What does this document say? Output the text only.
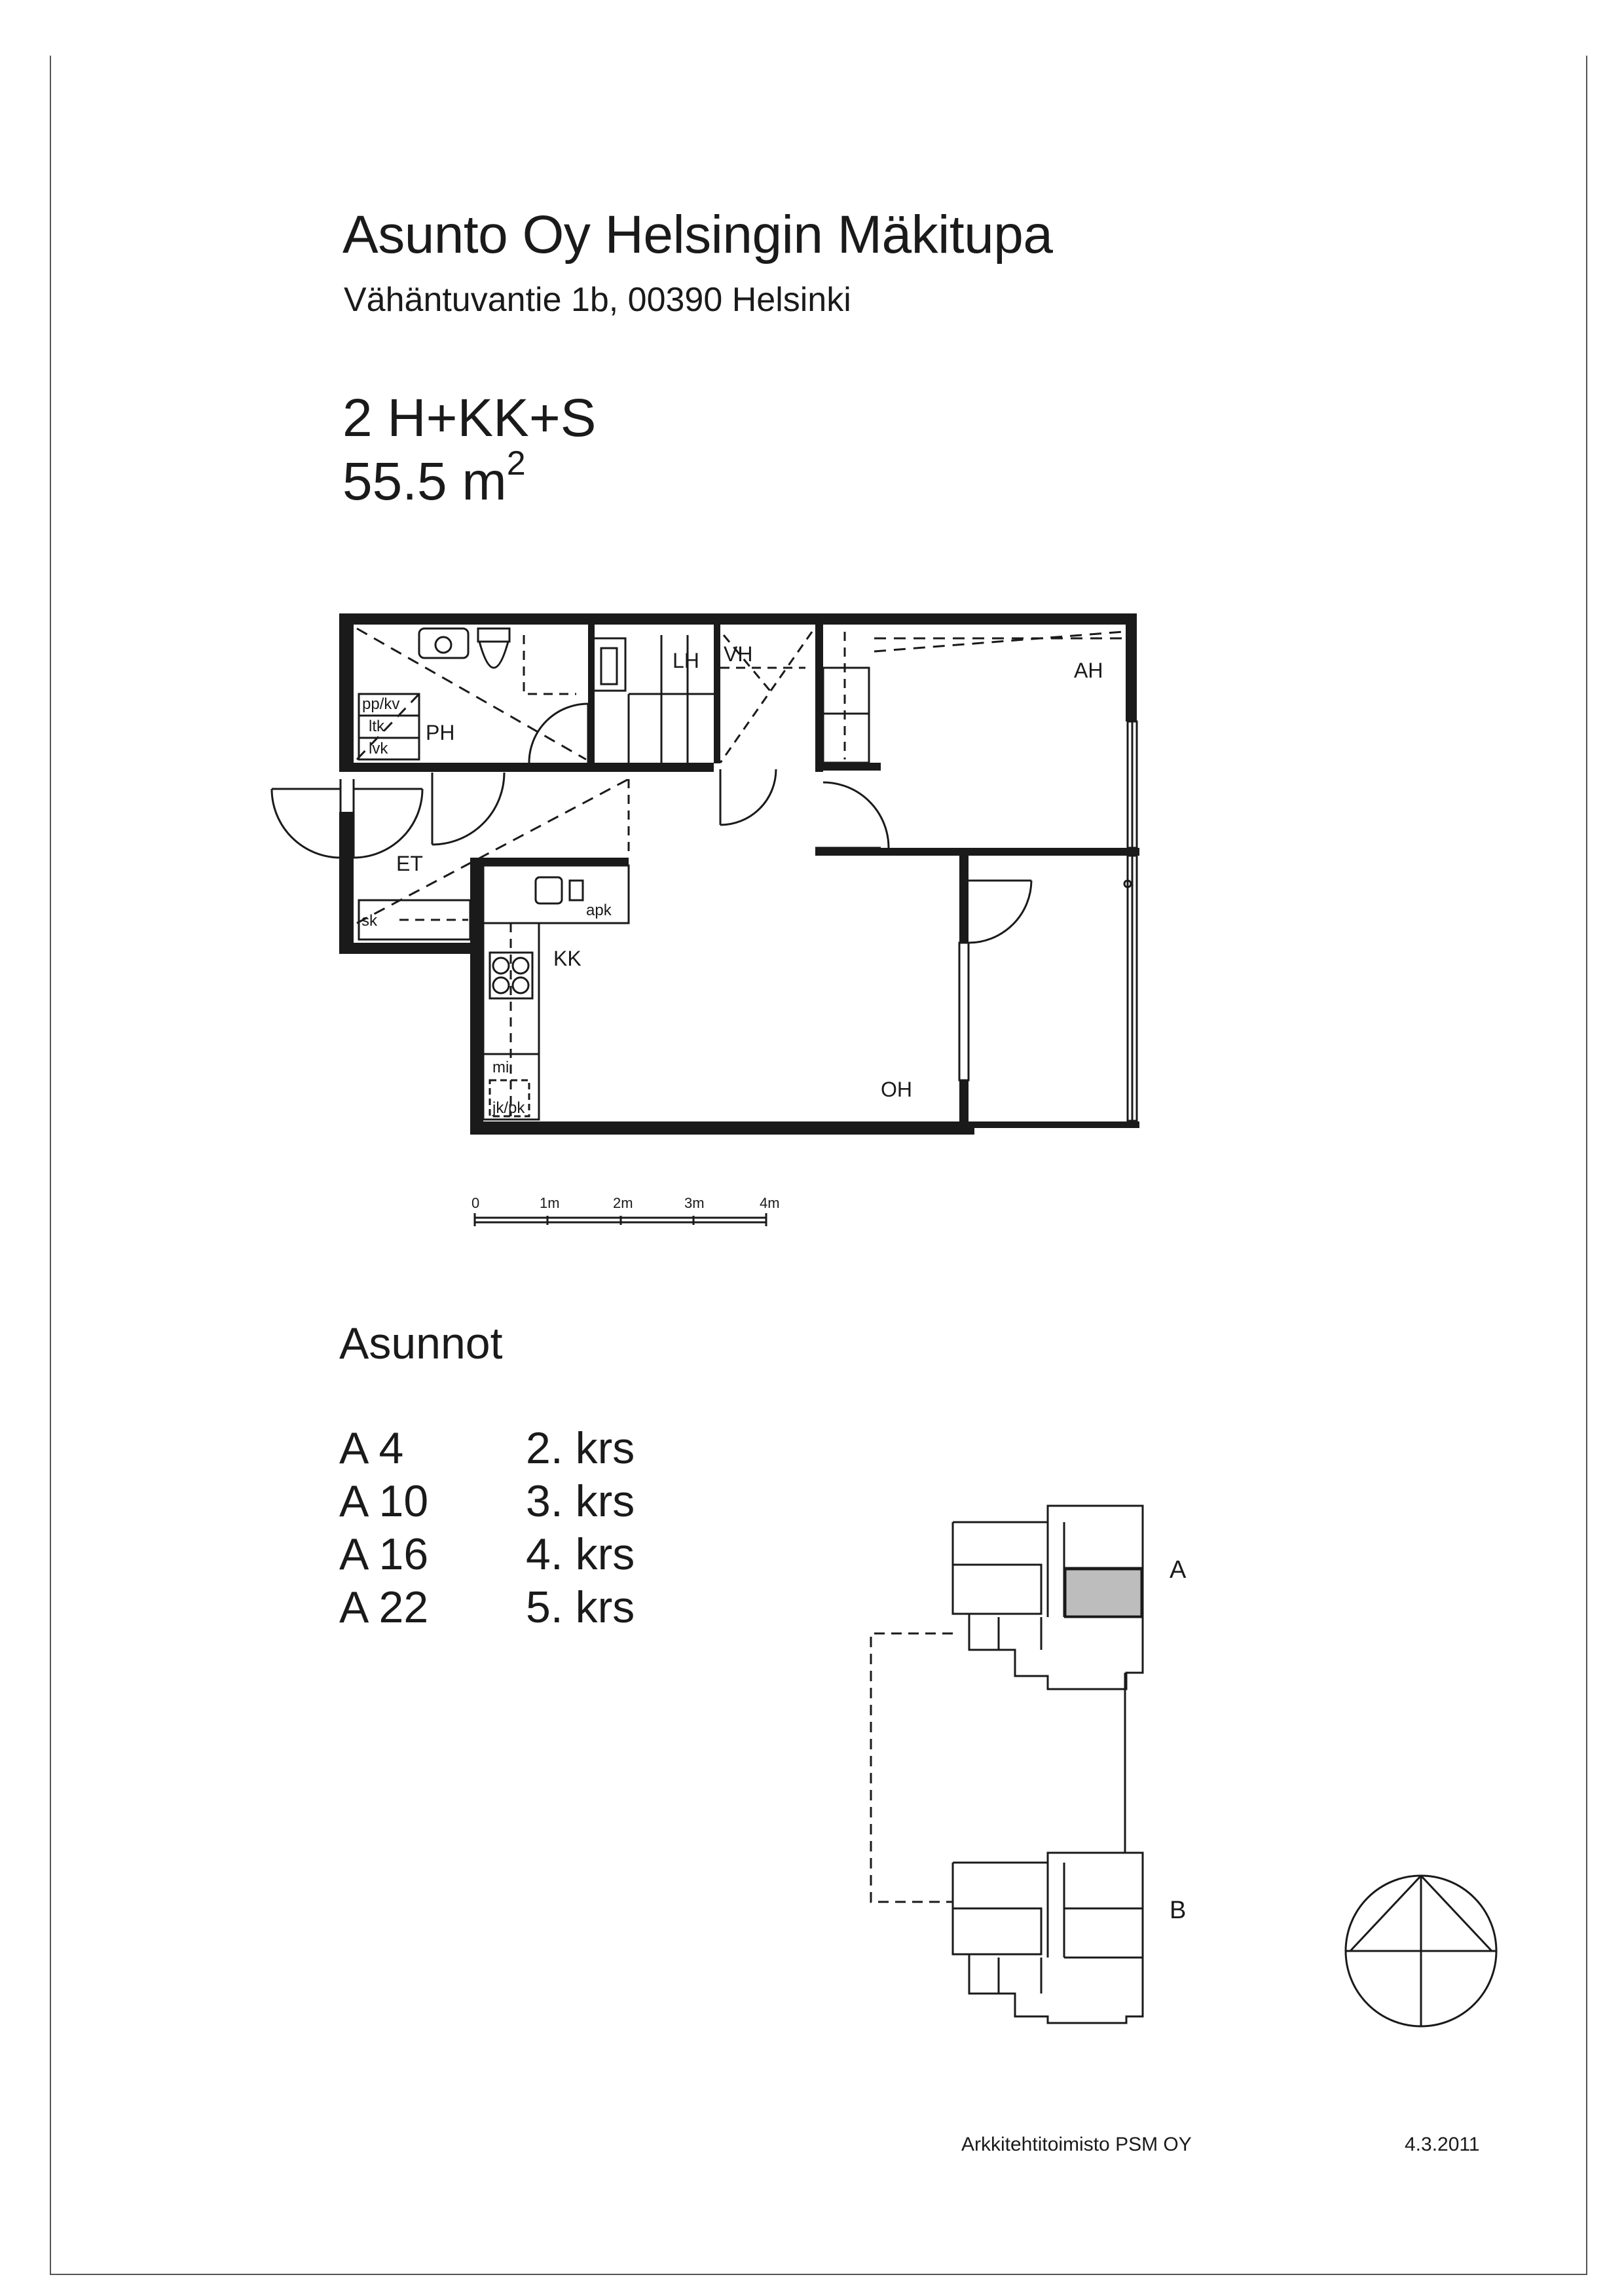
Asunto Oy Helsingin Mäkitupa
Vähäntuvantie 1b, 00390 Helsinki
2 H+KK+S
55.5 $m^2$
PH
LH VH
AH
ET
KK
OH
pp/kv
ltk
lvk
sk
apk
mi
jk/pk
0	1m	2m	3m	4m
Asunnot
A 4	2. krs
A 10 3. krs
A 16 4. krs
A 22 5. krs
A
B
Arkkitehtitoimisto PSM OY	4.3.2011
